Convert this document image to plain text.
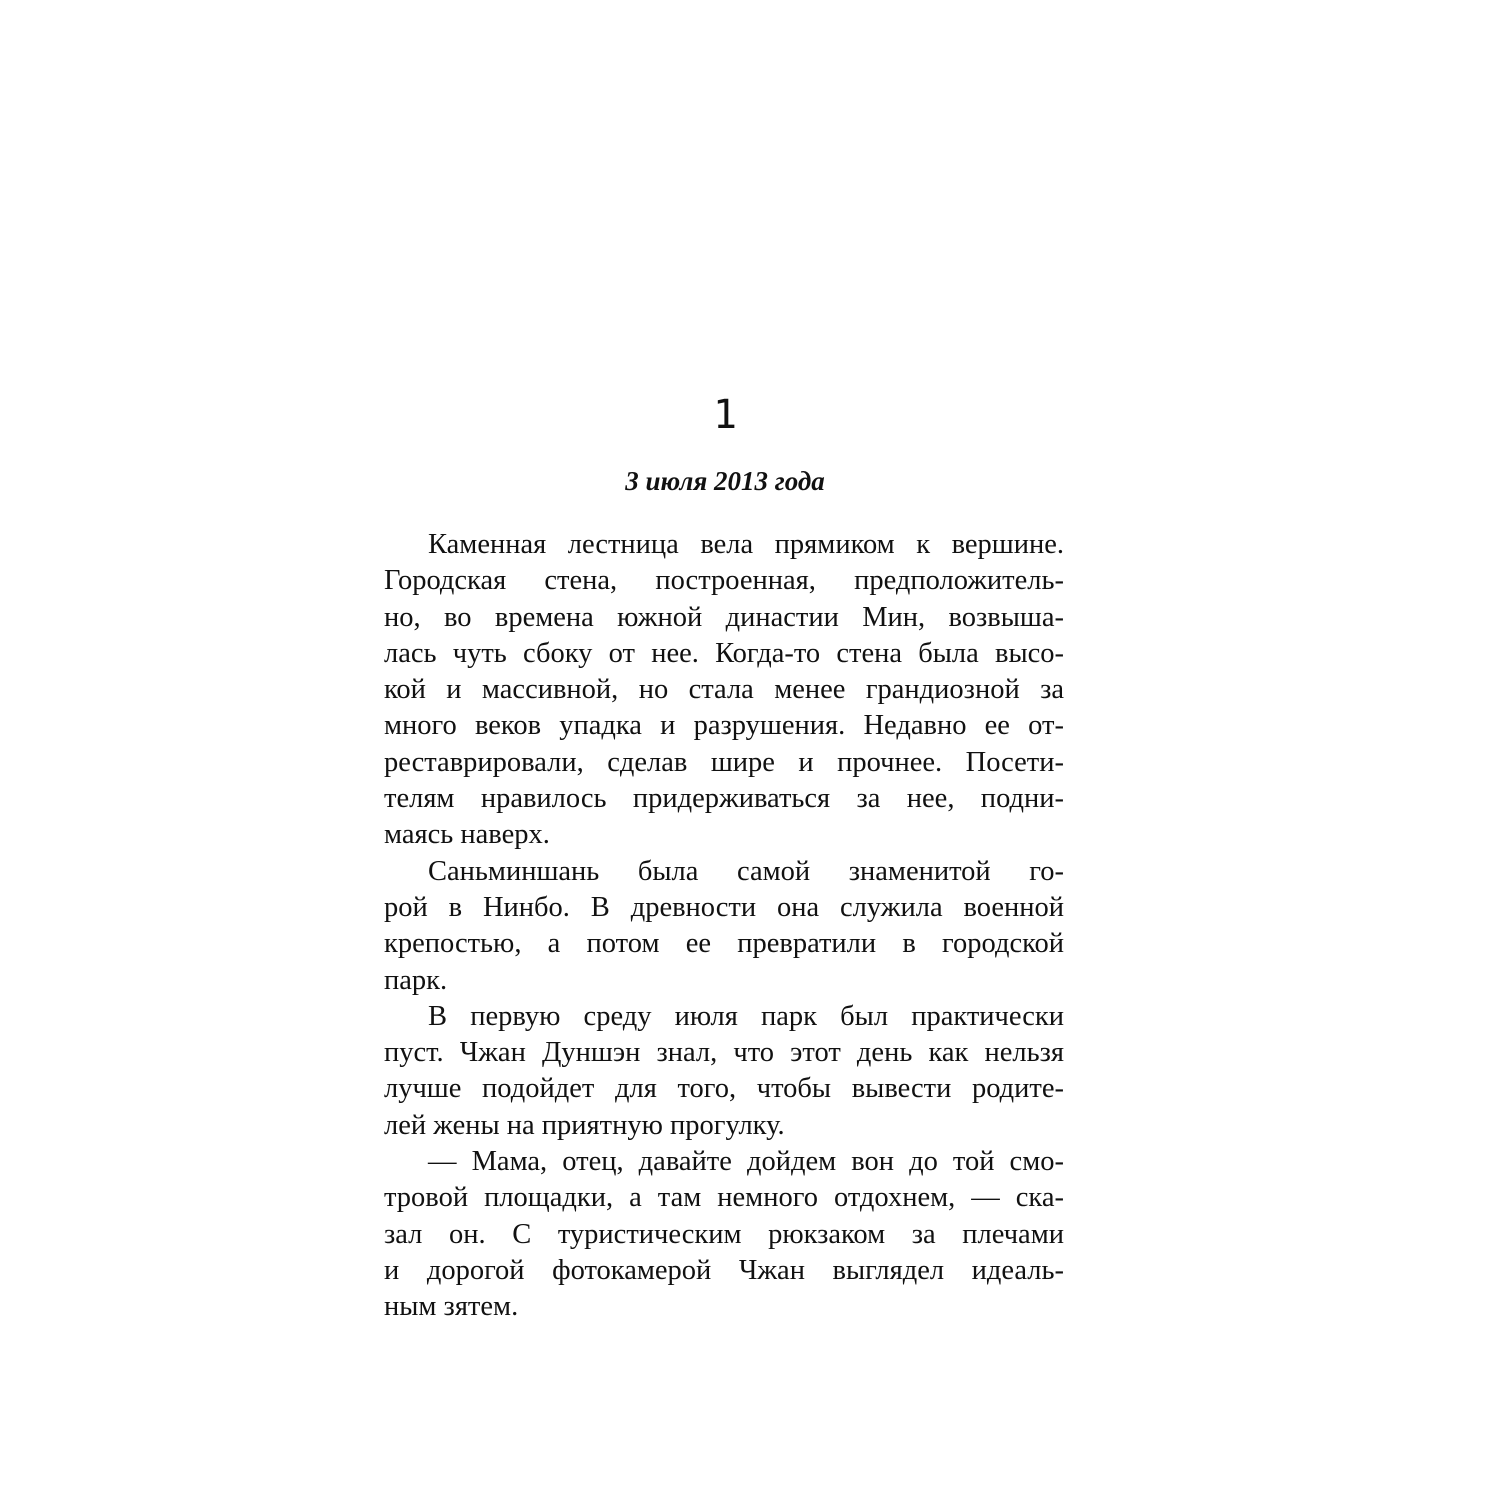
1
3 июля 2013 года
Каменная лестница вела прямиком к вершине.
Городская стена, построенная, предположитель-
но, во времена южной династии Мин, возвыша-
лась чуть сбоку от нее. Когда-то стена была высо-
кой и массивной, но стала менее грандиозной за
много веков упадка и разрушения. Недавно ее от-
реставрировали, сделав шире и прочнее. Посети-
телям нравилось придерживаться за нее, подни-
маясь наверх.
Саньминшань была самой знаменитой го-
рой в Нинбо. В древности она служила военной
крепостью, а потом ее превратили в городской
парк.
В первую среду июля парк был практически
пуст. Чжан Дуншэн знал, что этот день как нельзя
лучше подойдет для того, чтобы вывести родите-
лей жены на приятную прогулку.
— Мама, отец, давайте дойдем вон до той смо-
тровой площадки, а там немного отдохнем, — ска-
зал он. С туристическим рюкзаком за плечами
и дорогой фотокамерой Чжан выглядел идеаль-
ным зятем.
